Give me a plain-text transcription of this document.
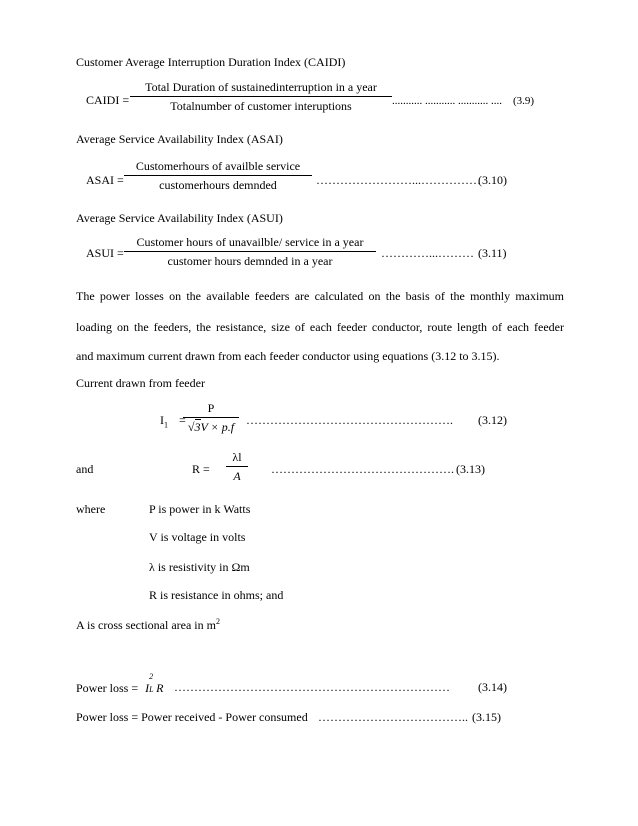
Customer Average Interruption Duration Index (CAIDI)
CAIDI =
Total Duration of sustainedinterruption in a year
Totalnumber of customer interuptions	........... ........... ........... .... (3.9)
Average Service Availability Index (ASAI)
ASAI =
Customerhours of availble service
customerhours demnded	……………………...……………
(3.10)
Average Service Availability Index (ASUI)
ASUI =
Customer hours of unavailble/ service in a year
customer hours demnded in a year
…………...……… (3.11)
The power losses on the available feeders are calculated on the basis of the monthly maximum
loading on the feeders, the resistance, size of each feeder conductor, route length of each feeder
and maximum current drawn from each feeder conductor using equations (3.12 to 3.15).
Current drawn from feeder
$I_1$ =
P
√3V × p.f ……………………………………………. (3.12)
and	R =
λl
A	………………………………………. (3.13)
where	P is power in k Watts
V is voltage in volts
λ is resistivity in Ωm
R is resistance in ohms; and
A is cross sectional area in $m^2$
Power loss = I
2
L R …………………………………………………………… (3.14)
Power loss = Power received - Power consumed ……………………………….. (3.15)
